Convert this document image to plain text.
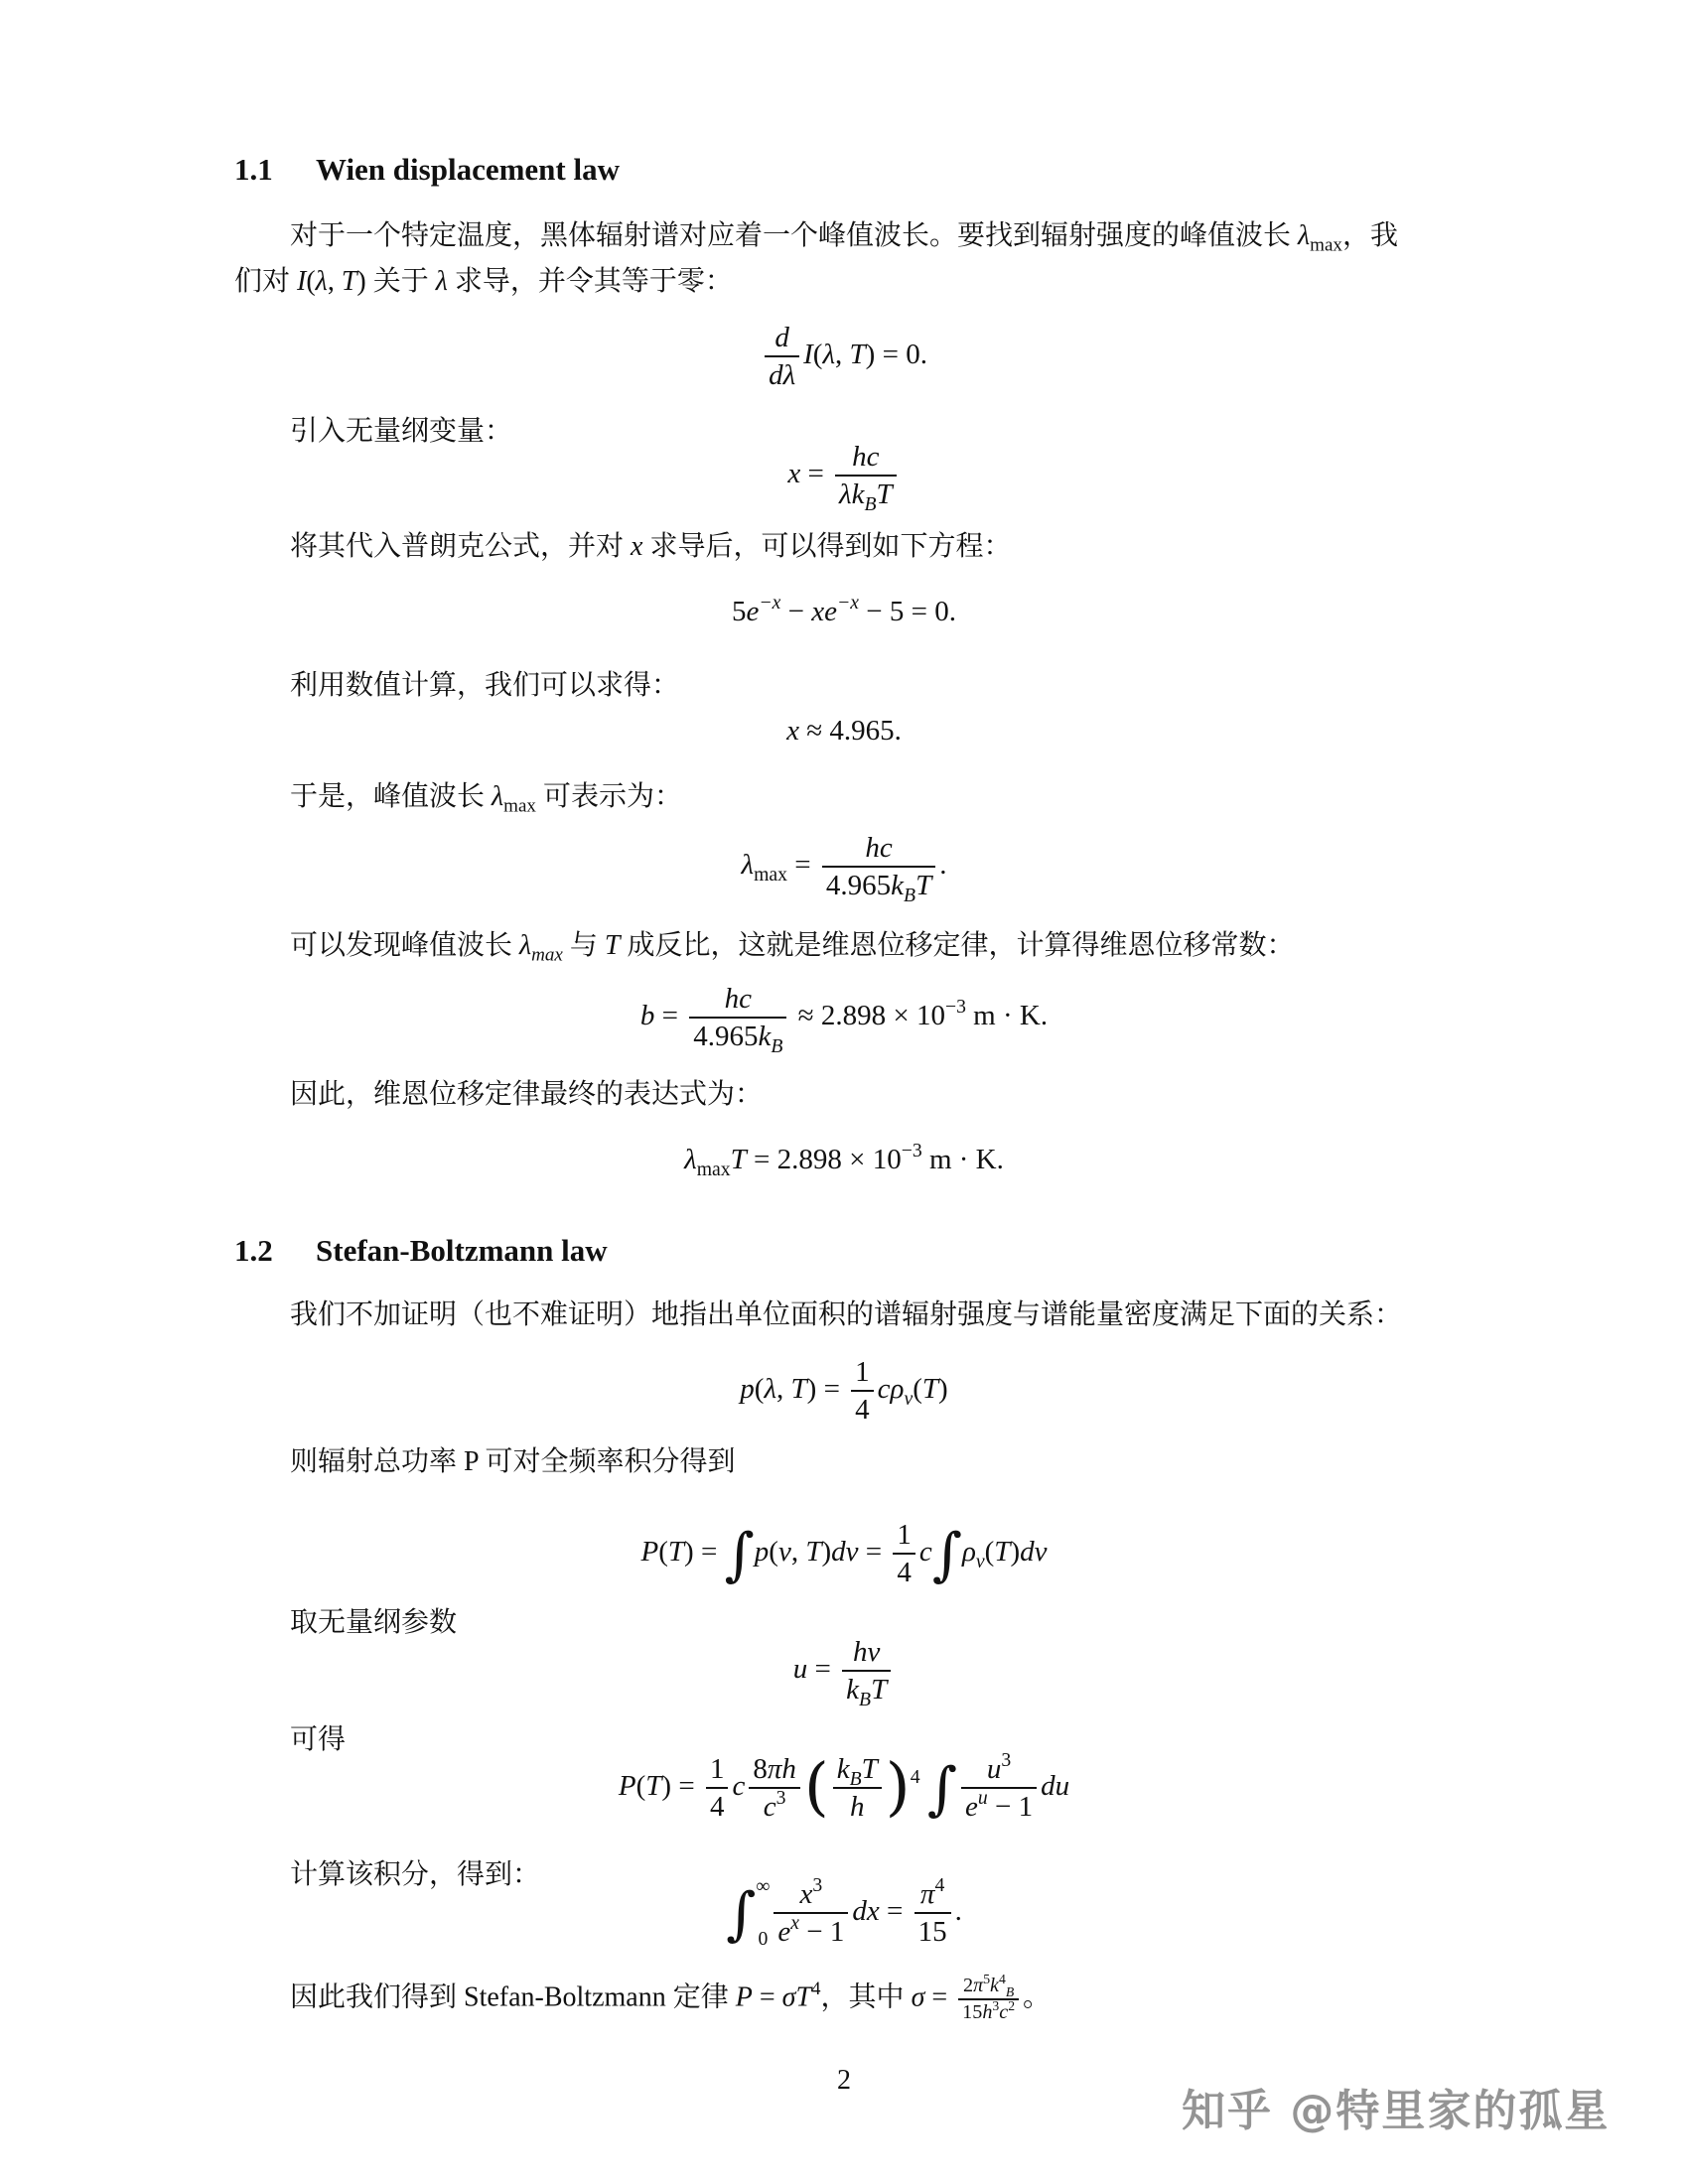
1.1 Wien displacement law
对于一个特定温度，黑体辐射谱对应着一个峰值波长。要找到辐射强度的峰值波长 $\lambda_{max}$，我
们对 I(λ, T) 关于 λ 求导，并令其等于零：
$\frac{d}{d\lambda} I(\lambda$, T) = 0.
引入无量纲变量：
$x = \frac{hc}{\lambda k_BT}$
将其代入普朗克公式，并对 x 求导后，可以得到如下方程：
$5e^{-x} - xe^{-x} - 5 = 0$.
利用数值计算，我们可以求得：
x ≈ 4.965.
于是，峰值波长 $\lambda_{max}$ 可表示为：
$\lambda_{max} = \frac{hc}{4.965k_BT}$ .
可以发现峰值波长 $\lambda_{max}$ 与 T 成反比，这就是维恩位移定律，计算得维恩位移常数：
$b = \frac{hc}{4.965k_B} \approx 2.898 \times 10^{-3}$ m · K.
因此，维恩位移定律最终的表达式为：
$\lambda_{max}T = 2.898 \times 10^{-3}$ m · K.
1.2 Stefan-Boltzmann law
我们不加证明（也不难证明）地指出单位面积的谱辐射强度与谱能量密度满足下面的关系：
p(λ, $T) = \frac{1}{4} c\rho_\nu(T)$
则辐射总功率 P 可对全频率积分得到
P(T) = ∫p(ν, $T)d\nu = \frac{1}{4} c\int\rho_\nu(T)d\nu$
取无量纲参数
$u = \frac{h\nu}{k_BT}$
可得
$P(T) = \frac{1}{4}$ c $\frac{8\pi h}{c^3}$ ( $\frac{k_BT}{h} )^4$ ∫ $\frac{u^3}{e^u - 1}$ du
计算该积分，得到：
∫ ∞
$0 \frac{x^3}{e^x - 1}$ dx = $\frac{\pi^4}{15}$ .
因此我们得到 Stefan-Boltzmann 定律 $P = \sigma T^4$，其中 $\sigma = \frac{2\pi^5k^4_B}{15h^3c^2}$ 。
2
知乎 @特里家的孤星
